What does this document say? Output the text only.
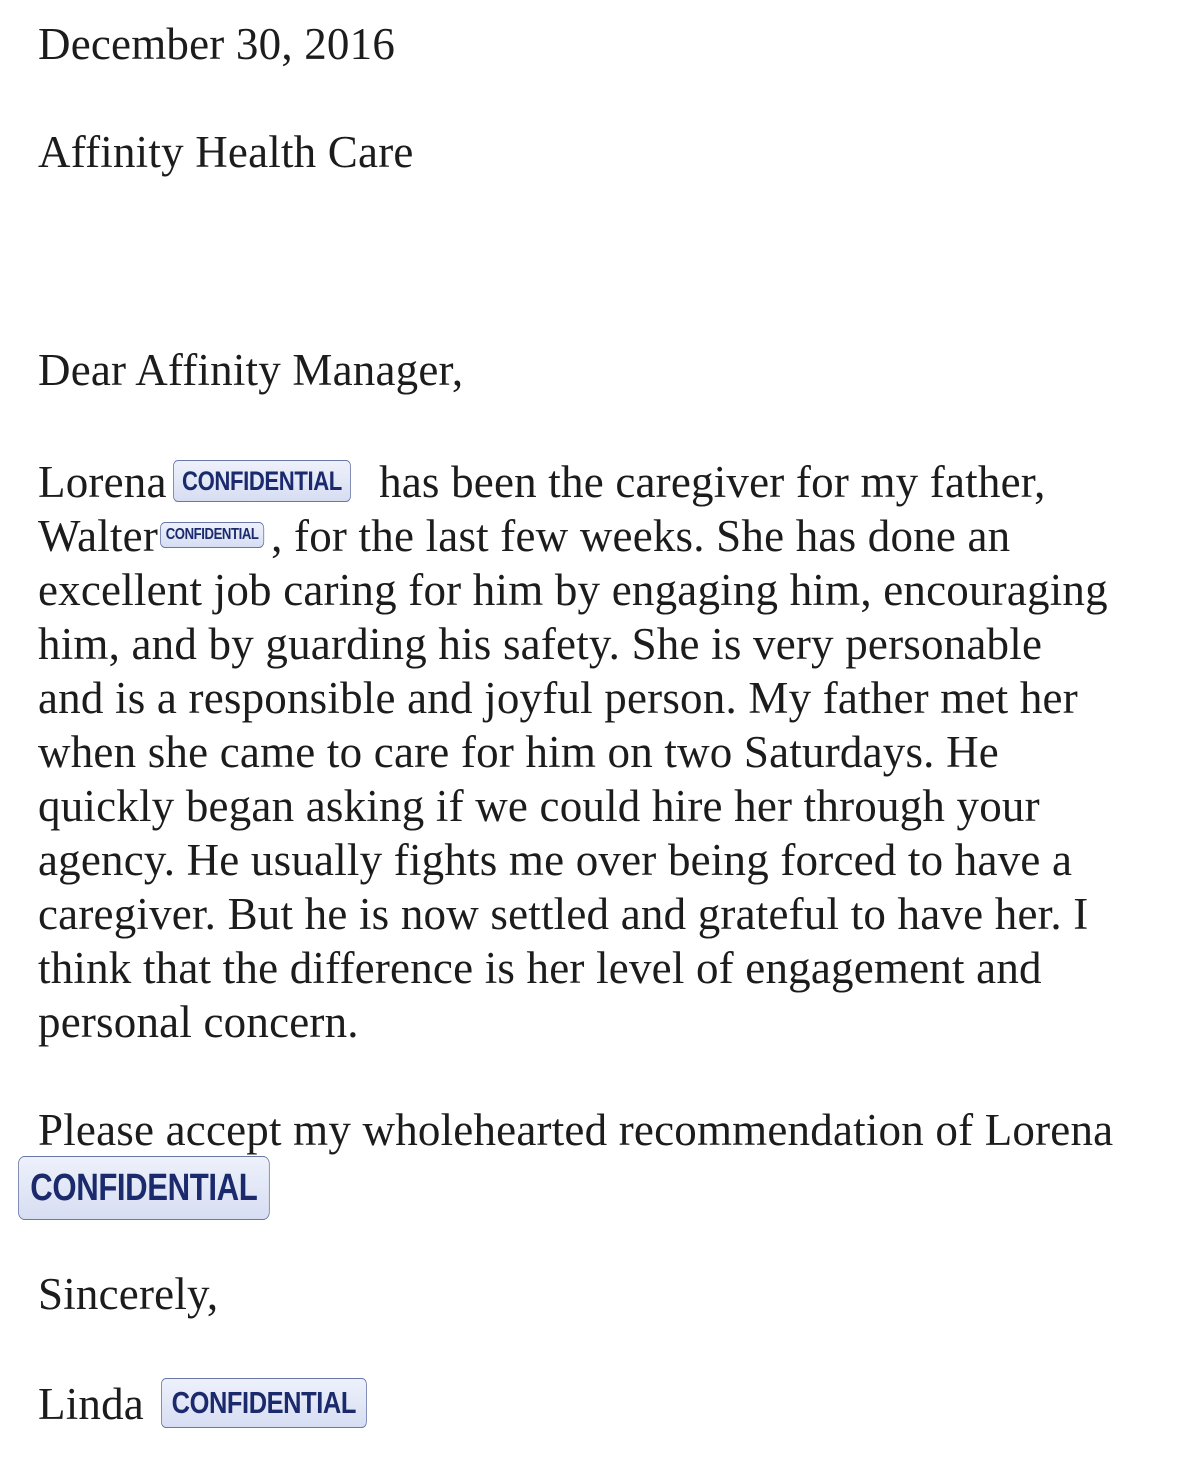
December 30, 2016
Affinity Health Care
Dear Affinity Manager,
Lorena CONFIDENTIAL has been the caregiver for my father,
Walter CONFIDENTIAL , for the last few weeks. She has done an
excellent job caring for him by engaging him, encouraging
him, and by guarding his safety. She is very personable
and is a responsible and joyful person. My father met her
when she came to care for him on two Saturdays. He
quickly began asking if we could hire her through your
agency. He usually fights me over being forced to have a
caregiver. But he is now settled and grateful to have her. I
think that the difference is her level of engagement and
personal concern.
Please accept my wholehearted recommendation of Lorena
CONFIDENTIAL
Sincerely,
Linda CONFIDENTIAL
